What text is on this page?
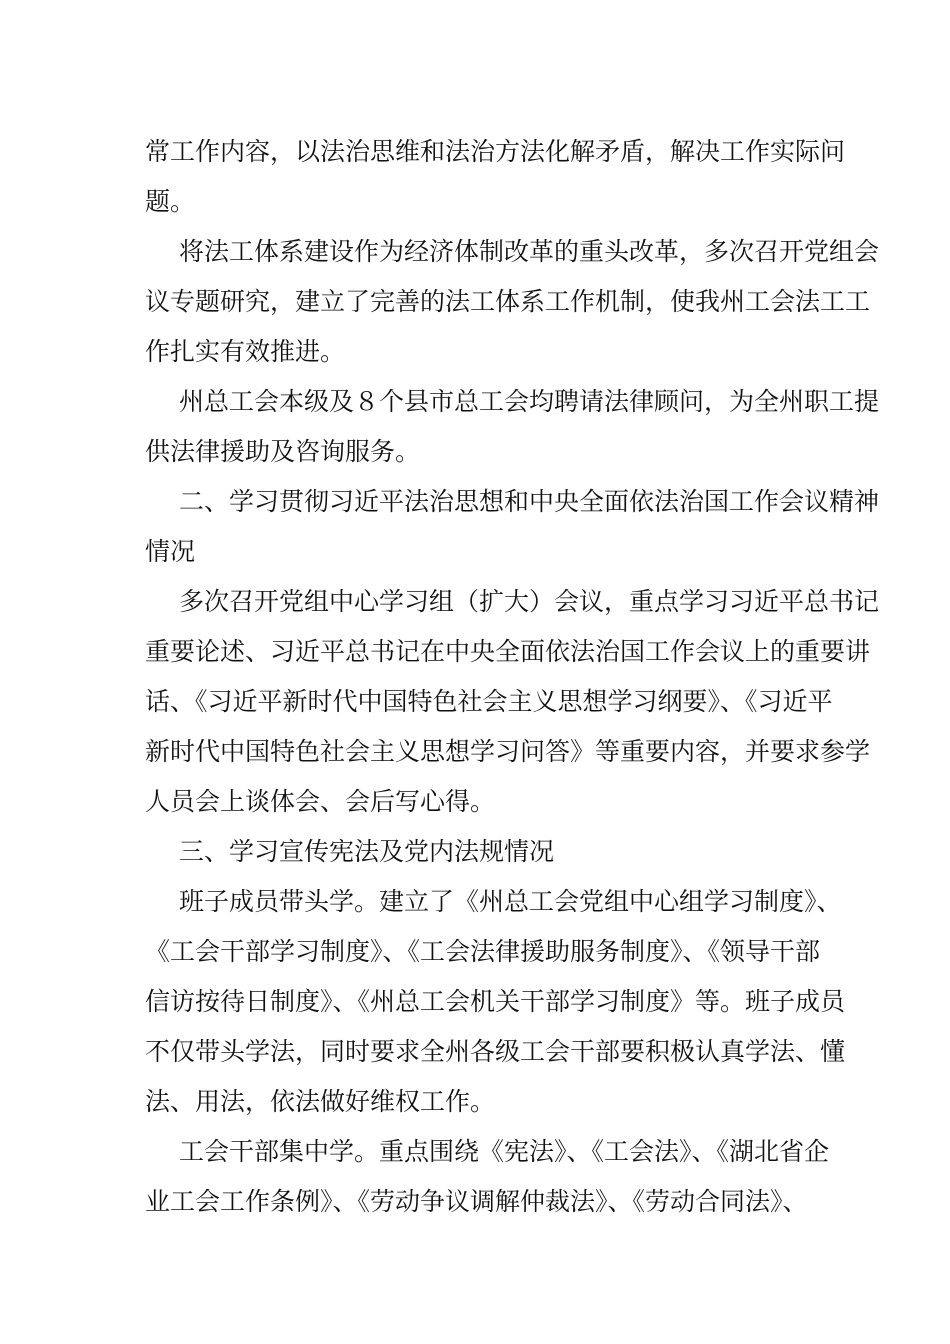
常工作内容，以法治思维和法治方法化解矛盾，解决工作实际问
题。
将法工体系建设作为经济体制改革的重头改革，多次召开党组会
议专题研究，建立了完善的法工体系工作机制，使我州工会法工工
作扎实有效推进。
州总工会本级及８个县市总工会均聘请法律顾问，为全州职工提
供法律援助及咨询服务。
二、学习贯彻习近平法治思想和中央全面依法治国工作会议精神
情况
多次召开党组中心学习组（扩大）会议，重点学习习近平总书记
重要论述、习近平总书记在中央全面依法治国工作会议上的重要讲
话、《习近平新时代中国特色社会主义思想学习纲要》、《习近平
新时代中国特色社会主义思想学习问答》等重要内容，并要求参学
人员会上谈体会、会后写心得。
三、学习宣传宪法及党内法规情况
班子成员带头学。建立了《州总工会党组中心组学习制度》、
《工会干部学习制度》、《工会法律援助服务制度》、《领导干部
信访按待日制度》、《州总工会机关干部学习制度》等。班子成员
不仅带头学法，同时要求全州各级工会干部要积极认真学法、懂
法、用法，依法做好维权工作。
工会干部集中学。重点围绕《宪法》、《工会法》、《湖北省企
业工会工作条例》、《劳动争议调解仲裁法》、《劳动合同法》、
